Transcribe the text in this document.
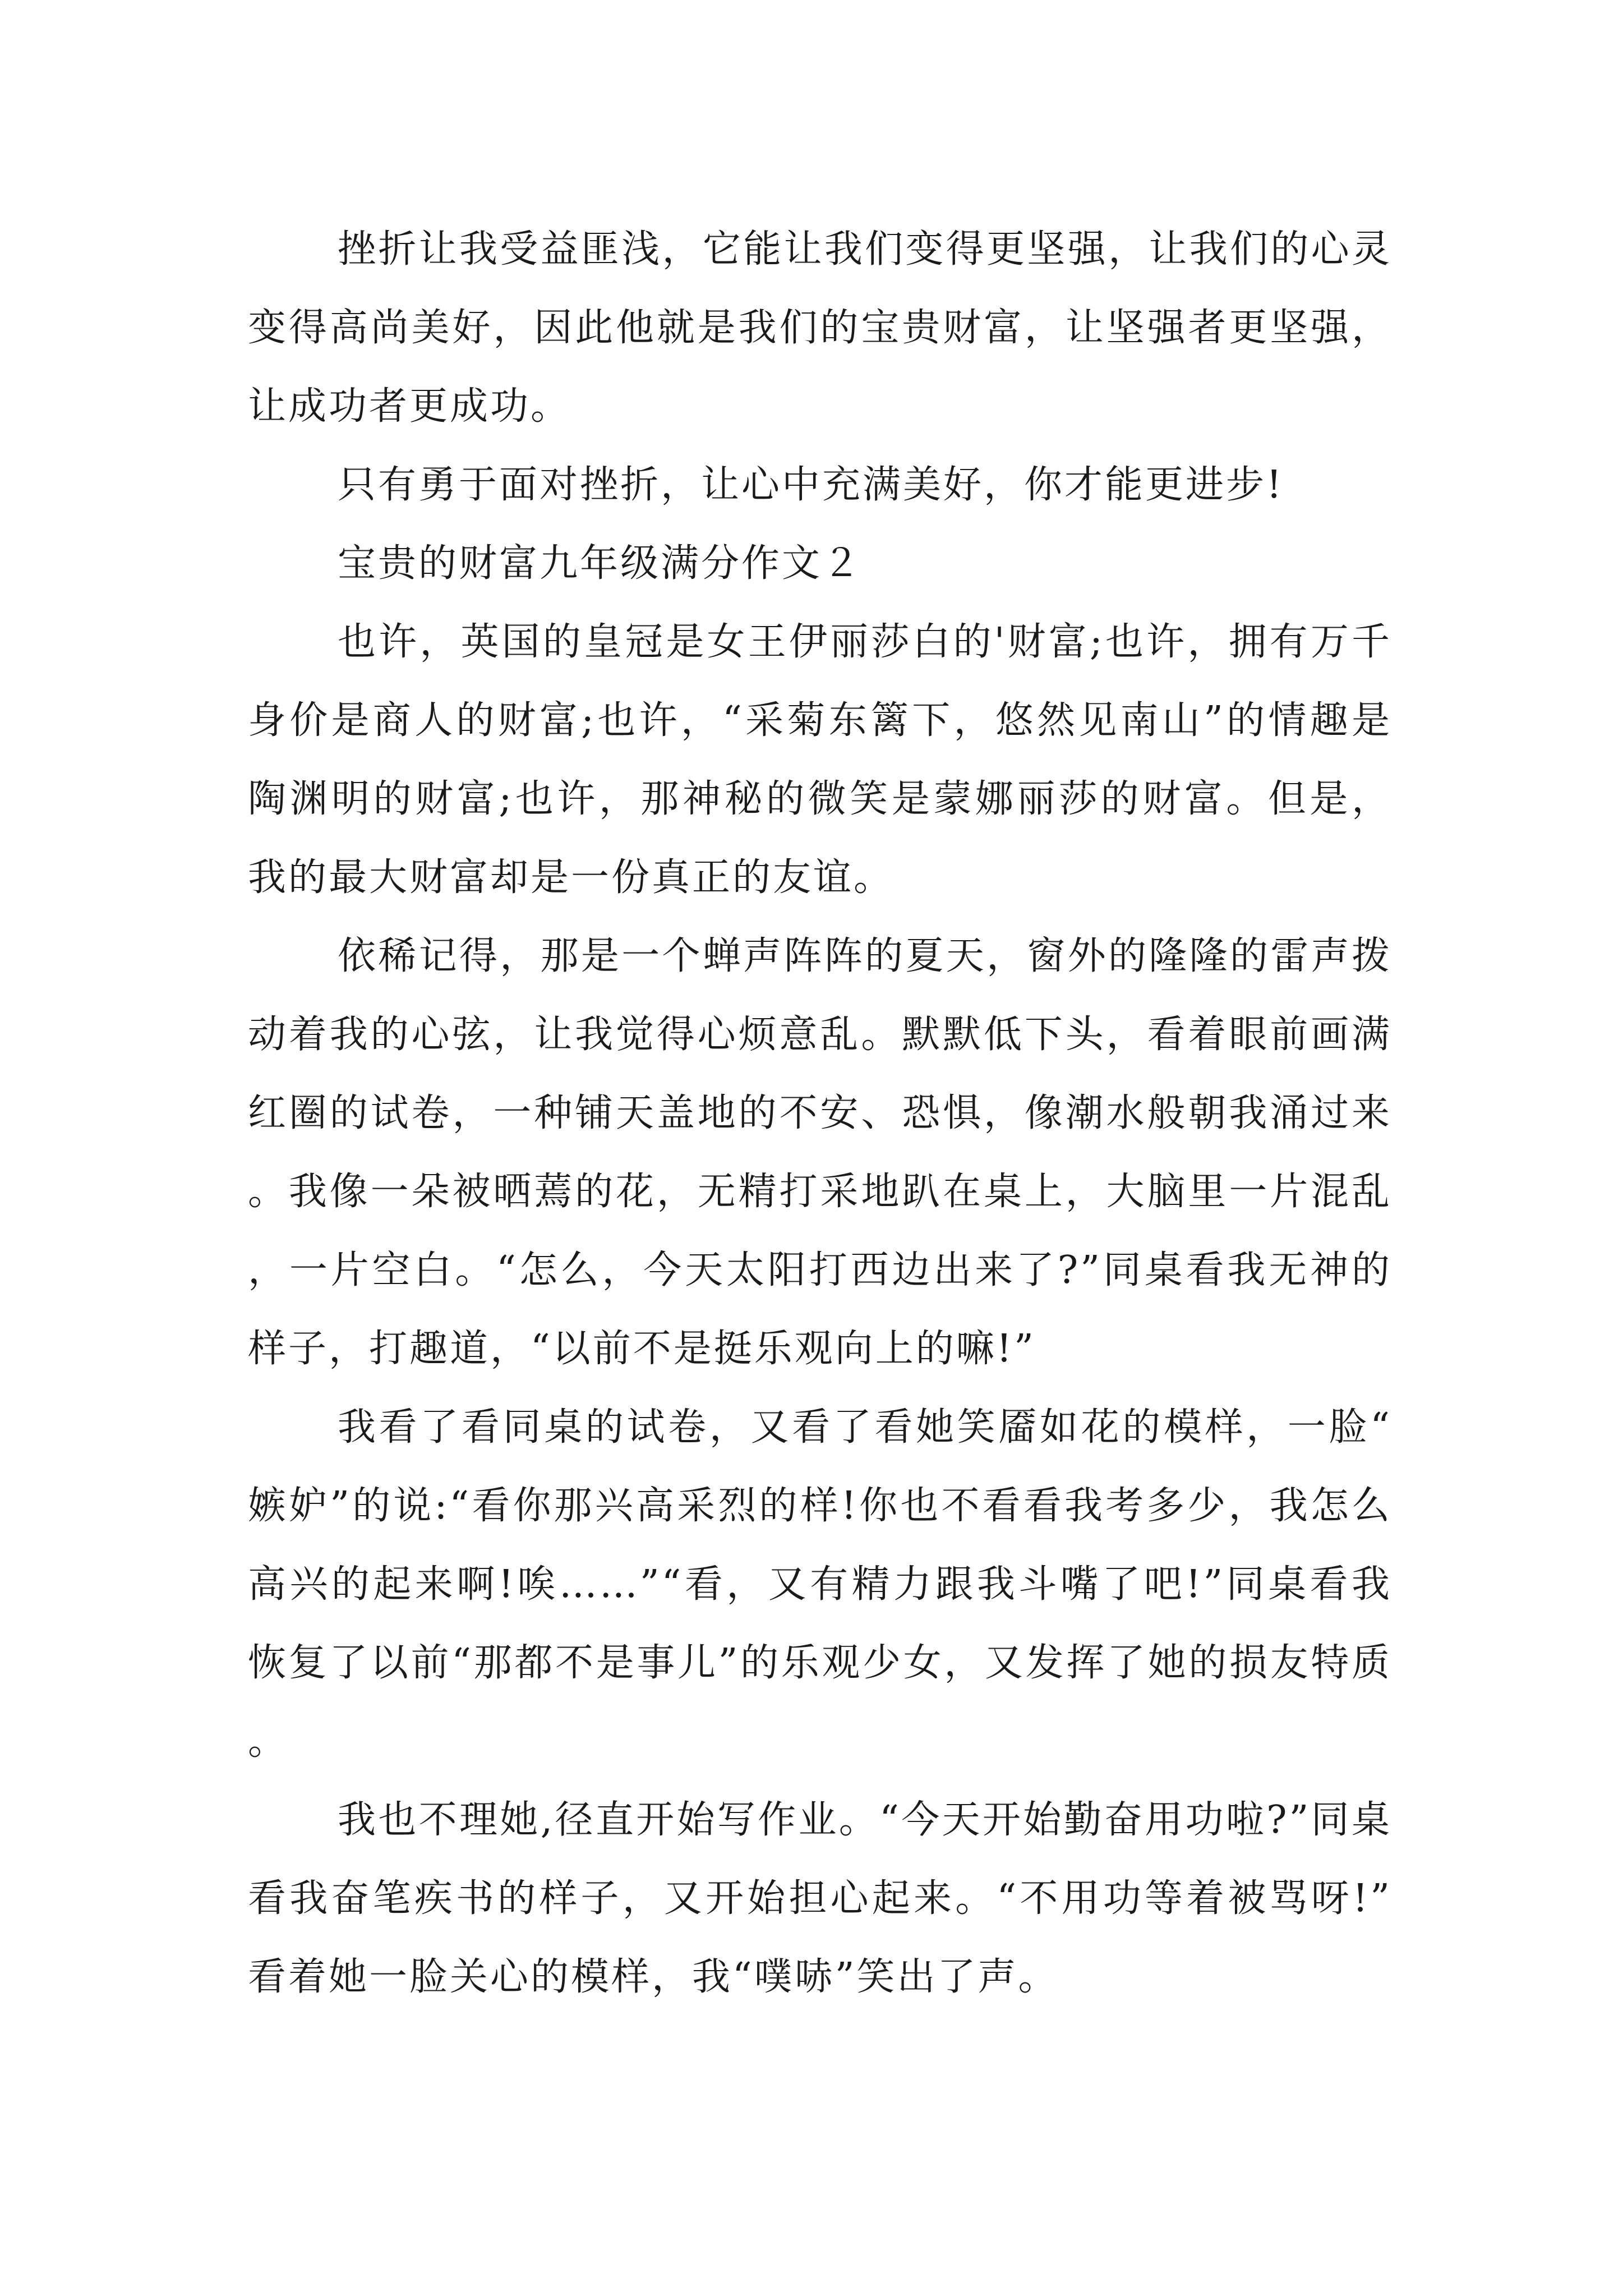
挫折让我受益匪浅，它能让我们变得更坚强，让我们的心灵变得高尚美好，因此他就是我们的宝贵财富，让坚强者更坚强，让成功者更成功。

只有勇于面对挫折，让心中充满美好，你才能更进步!

宝贵的财富九年级满分作文２

也许，英国的皇冠是女王伊丽莎白的'财富;也许，拥有万千身价是商人的财富;也许，“采菊东篱下，悠然见南山”的情趣是陶渊明的财富;也许，那神秘的微笑是蒙娜丽莎的财富。但是，我的最大财富却是一份真正的友谊。

依稀记得，那是一个蝉声阵阵的夏天，窗外的隆隆的雷声拨动着我的心弦，让我觉得心烦意乱。默默低下头，看着眼前画满红圈的试卷，一种铺天盖地的不安、恐惧，像潮水般朝我涌过来。我像一朵被晒蔫的花，无精打采地趴在桌上，大脑里一片混乱，一片空白。“怎么，今天太阳打西边出来了?”同桌看我无神的样子，打趣道，“以前不是挺乐观向上的嘛!”

我看了看同桌的试卷，又看了看她笑靥如花的模样，一脸“嫉妒”的说:“看你那兴高采烈的样!你也不看看我考多少，我怎么高兴的起来啊!唉……”“看，又有精力跟我斗嘴了吧!”同桌看我恢复了以前“那都不是事儿”的乐观少女，又发挥了她的损友特质。

我也不理她,径直开始写作业。“今天开始勤奋用功啦?”同桌看我奋笔疾书的样子，又开始担心起来。“不用功等着被骂呀!”看着她一脸关心的模样，我“噗哧”笑出了声。
